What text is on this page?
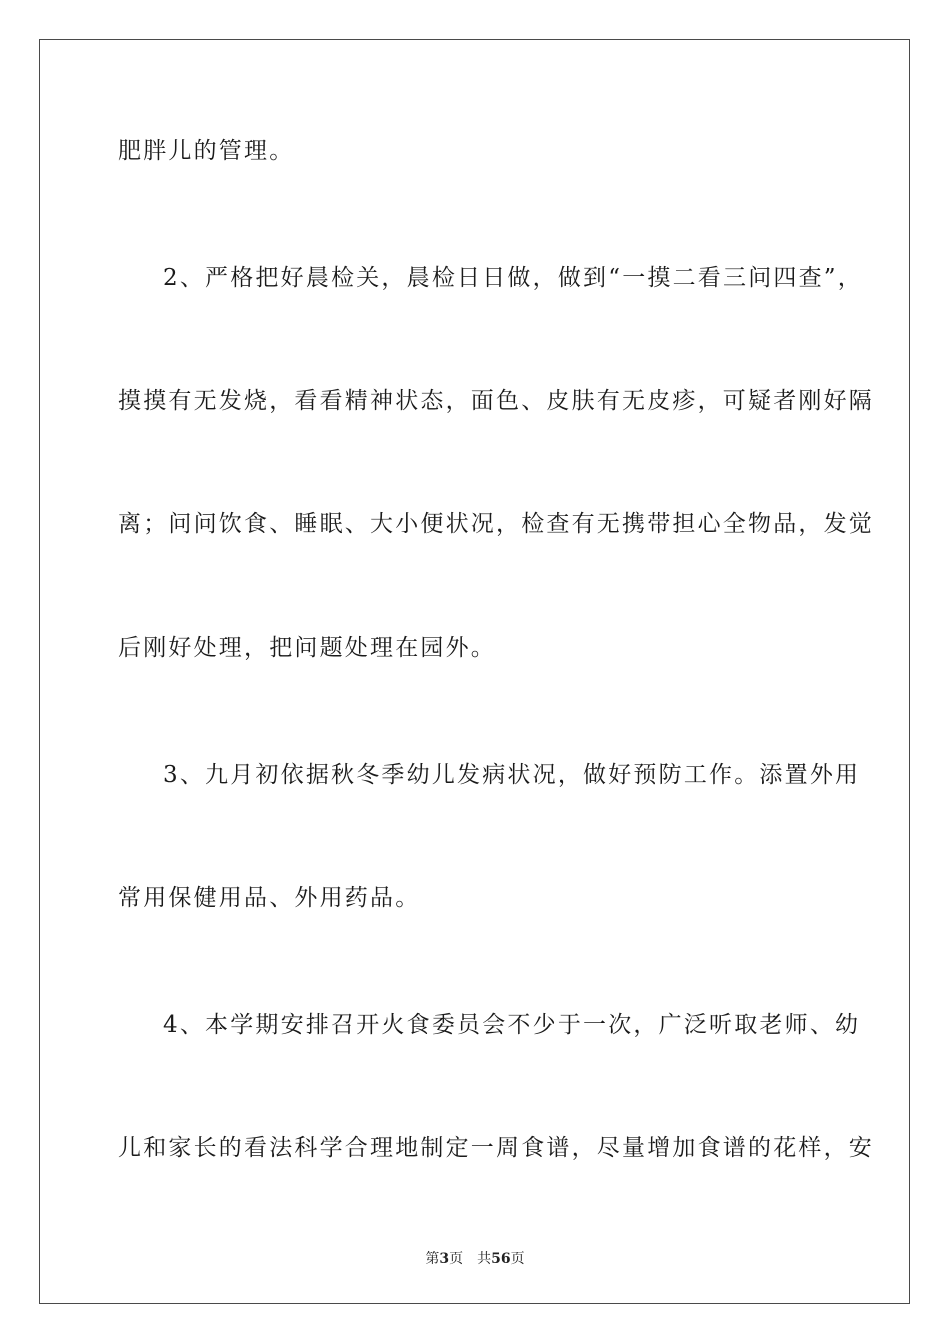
肥胖儿的管理。
2、严格把好晨检关，晨检日日做，做到“一摸二看三问四查”，
摸摸有无发烧，看看精神状态，面色、皮肤有无皮疹，可疑者刚好隔
离；问问饮食、睡眠、大小便状况，检查有无携带担心全物品，发觉
后刚好处理，把问题处理在园外。
3、九月初依据秋冬季幼儿发病状况，做好预防工作。添置外用
常用保健用品、外用药品。
4、本学期安排召开火食委员会不少于一次，广泛听取老师、幼
儿和家长的看法科学合理地制定一周食谱，尽量增加食谱的花样，安
第3页 共56页
